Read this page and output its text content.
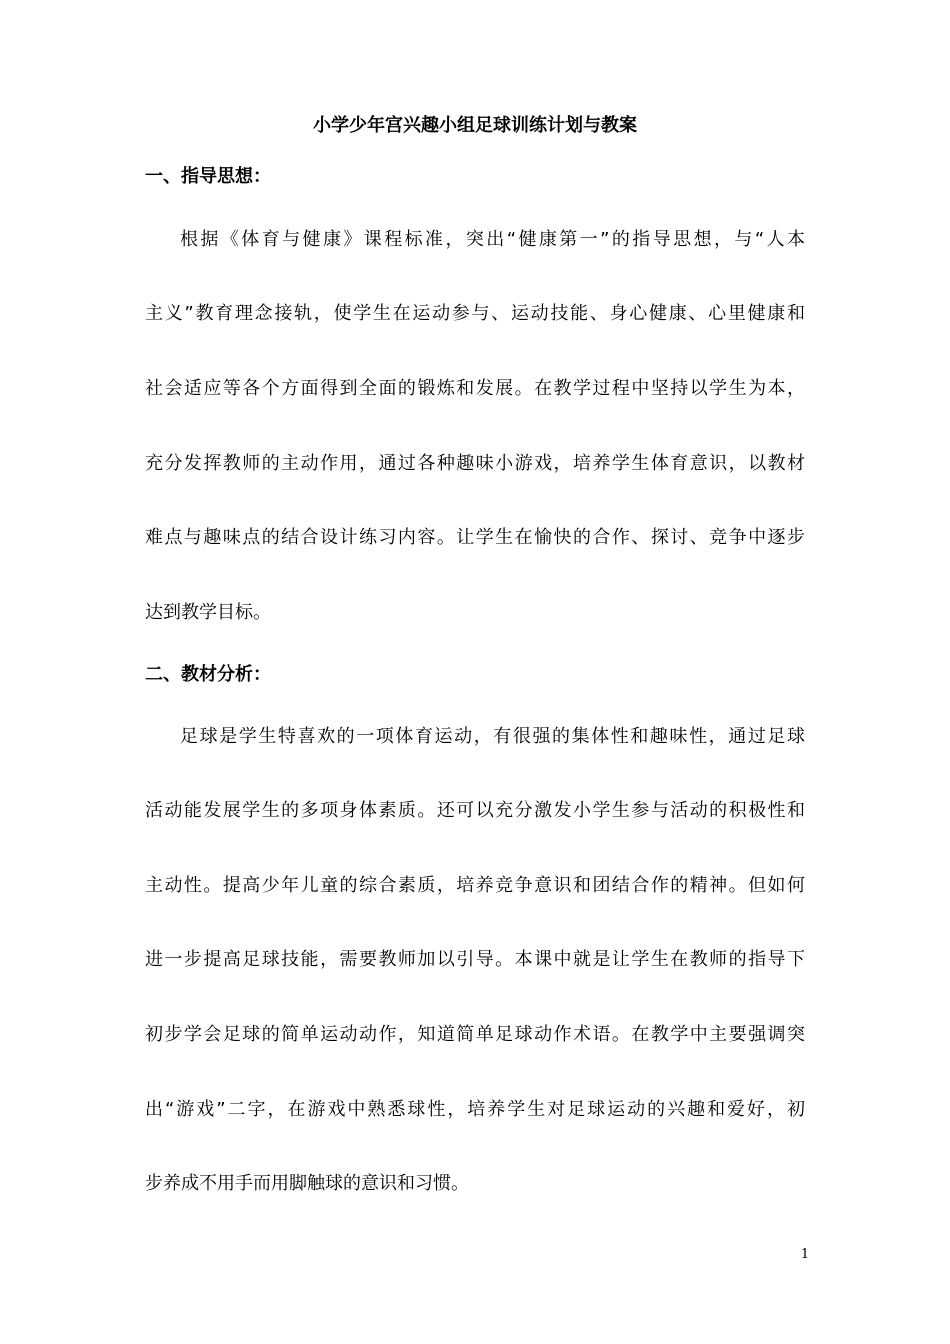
小学少年宫兴趣小组足球训练计划与教案
一、指导思想：
根据《体育与健康》课程标准，突出“健康第一”的指导思想，与“人本
主义”教育理念接轨，使学生在运动参与、运动技能、身心健康、心里健康和
社会适应等各个方面得到全面的锻炼和发展。在教学过程中坚持以学生为本，
充分发挥教师的主动作用，通过各种趣味小游戏，培养学生体育意识，以教材
难点与趣味点的结合设计练习内容。让学生在愉快的合作、探讨、竞争中逐步
达到教学目标。
二、教材分析：
足球是学生特喜欢的一项体育运动，有很强的集体性和趣味性，通过足球
活动能发展学生的多项身体素质。还可以充分激发小学生参与活动的积极性和
主动性。提高少年儿童的综合素质，培养竞争意识和团结合作的精神。但如何
进一步提高足球技能，需要教师加以引导。本课中就是让学生在教师的指导下
初步学会足球的简单运动动作，知道简单足球动作术语。在教学中主要强调突
出“游戏”二字，在游戏中熟悉球性，培养学生对足球运动的兴趣和爱好，初
步养成不用手而用脚触球的意识和习惯。
1
